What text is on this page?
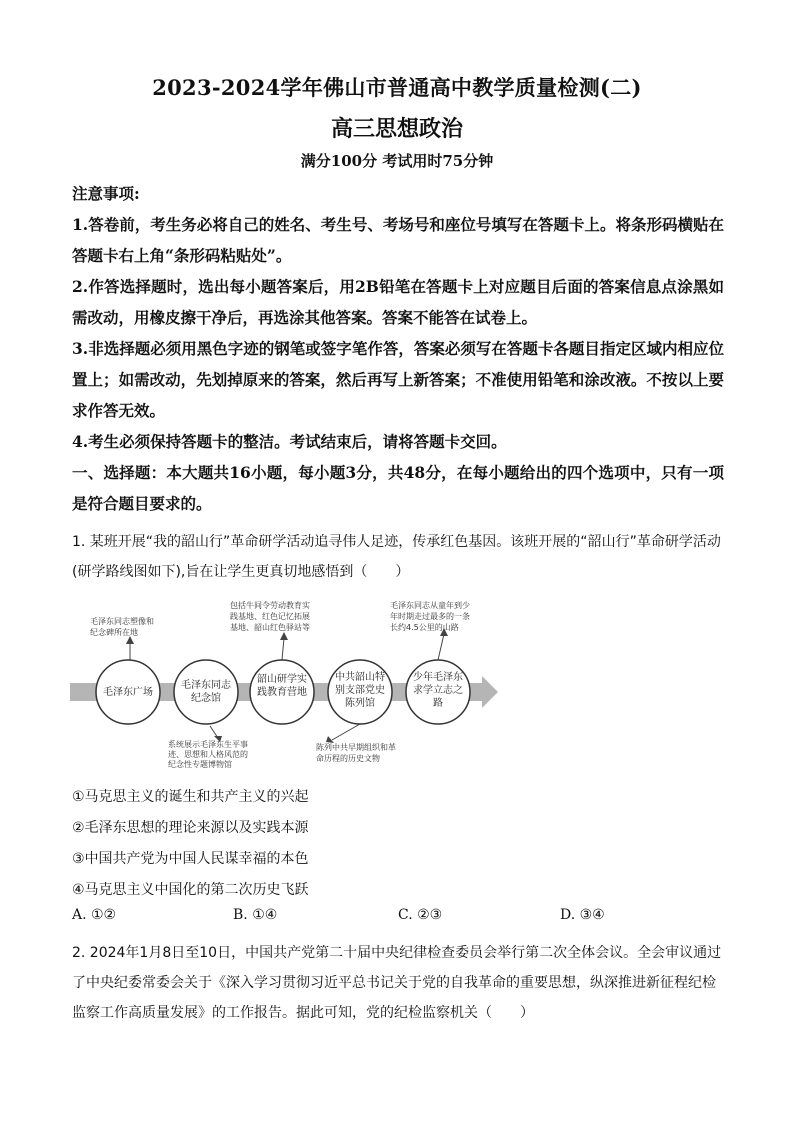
2023-2024学年佛山市普通高中教学质量检测(二)
高三思想政治
满分100分 考试用时75分钟
注意事项:
1.答卷前，考生务必将自己的姓名、考生号、考场号和座位号填写在答题卡上。将条形码横贴在答题卡右上角“条形码粘贴处”。
2.作答选择题时，选出每小题答案后，用2B铅笔在答题卡上对应题目后面的答案信息点涂黑如需改动，用橡皮擦干净后，再选涂其他答案。答案不能答在试卷上。
3.非选择题必须用黑色字迹的钢笔或签字笔作答，答案必须写在答题卡各题目指定区域内相应位置上；如需改动，先划掉原来的答案，然后再写上新答案；不准使用铅笔和涂改液。不按以上要求作答无效。
4.考生必须保持答题卡的整洁。考试结束后，请将答题卡交回。
一、选择题：本大题共16小题，每小题3分，共48分，在每小题给出的四个选项中，只有一项是符合题目要求的。
1. 某班开展“我的韶山行”革命研学活动追寻伟人足迹，传承红色基因。该班开展的“韶山行”革命研学活动(研学路线图如下),旨在让学生更真切地感悟到（　　）
毛泽东广场
毛泽东同志
纪念馆
韶山研学实
践教育营地
中共韶山特
别支部党史
陈列馆
少年毛泽东
求学立志之
路
毛泽东同志塑像和
纪念碑所在地
系统展示毛泽东生平事
迹、思想和人格风范的
纪念性专题博物馆
包括牛间令劳动教育实
践基地、红色记忆拓展
基地、韶山红色驿站等
陈列中共早期组织和革
命历程的历史文物
毛泽东同志从童年到少
年时期走过最多的一条
长约4.5公里的山路
①马克思主义的诞生和共产主义的兴起
②毛泽东思想的理论来源以及实践本源
③中国共产党为中国人民谋幸福的本色
④马克思主义中国化的第二次历史飞跃
A. ①②	B. ①④	C. ②③	D. ③④
2. 2024年1月8日至10日，中国共产党第二十届中央纪律检查委员会举行第二次全体会议。全会审议通过了中央纪委常委会关于《深入学习贯彻习近平总书记关于党的自我革命的重要思想，纵深推进新征程纪检监察工作高质量发展》的工作报告。据此可知，党的纪检监察机关（　　）
